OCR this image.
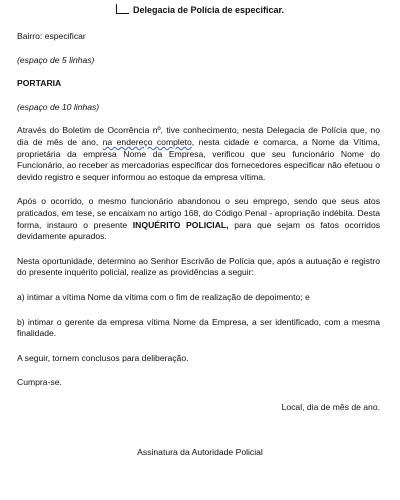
Delegacia de Polícia de especificar.

Bairro: especificar

(espaço de 5 linhas)

PORTARIA

(espaço de 10 linhas)

Através do Boletim de Ocorrência nº, tive conhecimento, nesta Delegacia de Polícia que, no dia de mês de ano, na endereço completo, nesta cidade e comarca, a Nome da Vítima, proprietária da empresa Nome da Empresa, verificou que seu funcionário Nome do Funcionário, ao receber as mercadorias especificar dos fornecedores especificar não efetuou o devido registro e sequer informou ao estoque da empresa vítima.

Após o ocorrido, o mesmo funcionário abandonou o seu emprego, sendo que seus atos praticados, em tese, se encaixam no artigo 168, do Código Penal - apropriação indébita. Desta forma, instauro o presente INQUÉRITO POLICIAL, para que sejam os fatos ocorridos devidamente apurados.

Nesta oportunidade, determino ao Senhor Escrivão de Polícia que, após a autuação e registro do presente inquérito policial, realize as providências a seguir:

a) intimar a vítima Nome da vítima com o fim de realização de depoimento; e

b) intimar o gerente da empresa vítima Nome da Empresa, a ser identificado, com a mesma finalidade.

A seguir, tornem conclusos para deliberação.

Cumpra-se.

Local, dia de mês de ano.

Assinatura da Autoridade Policial
